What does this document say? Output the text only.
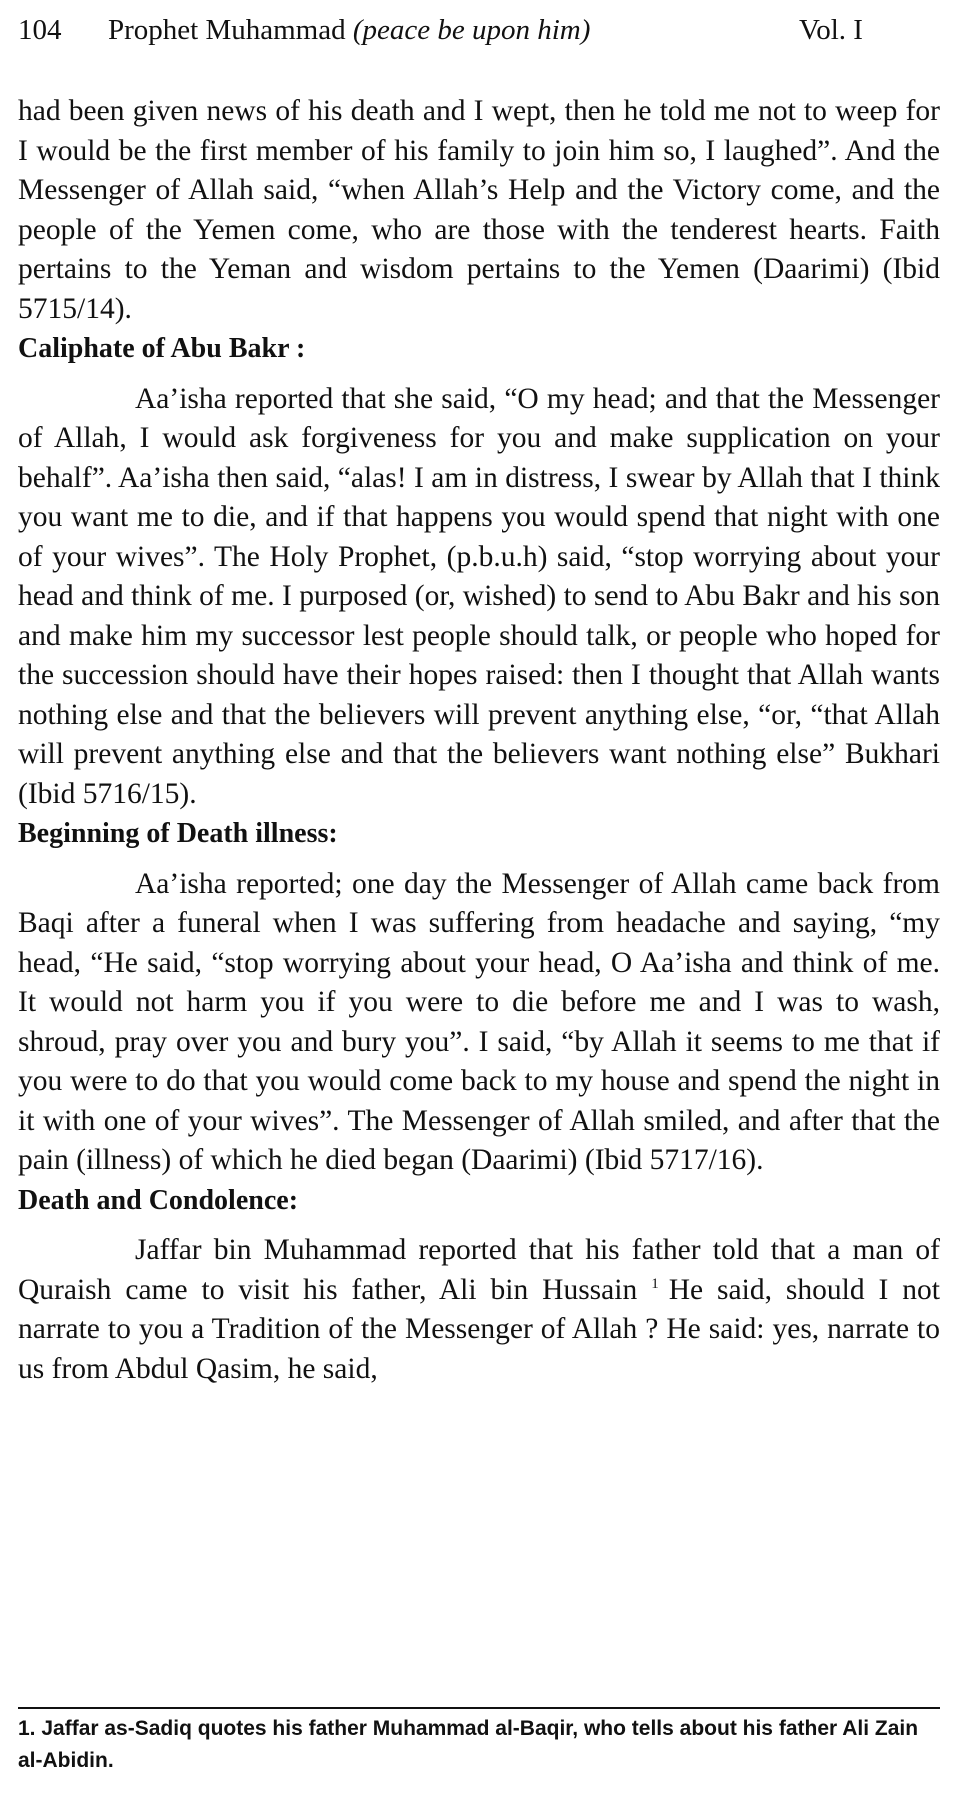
104 Prophet Muhammad (peace be upon him)	Vol. I

had been given news of his death and I wept, then he told me not to weep for I would be the first member of his family to join him so, I laughed”. And the Messenger of Allah said, “when Allah’s Help and the Victory come, and the people of the Yemen come, who are those with the tenderest hearts. Faith pertains to the Yeman and wisdom pertains to the Yemen (Daarimi) (Ibid 5715/14).

Caliphate of Abu Bakr :

Aa’isha reported that she said, “O my head; and that the Messenger of Allah, I would ask forgiveness for you and make supplication on your behalf”. Aa’isha then said, “alas! I am in distress, I swear by Allah that I think you want me to die, and if that happens you would spend that night with one of your wives”. The Holy Prophet, (p.b.u.h) said, “stop worrying about your head and think of me. I purposed (or, wished) to send to Abu Bakr and his son and make him my successor lest people should talk, or people who hoped for the succession should have their hopes raised: then I thought that Allah wants nothing else and that the believers will prevent anything else, “or, “that Allah will prevent anything else and that the believers want nothing else” Bukhari (Ibid 5716/15).

Beginning of Death illness:

Aa’isha reported; one day the Messenger of Allah came back from Baqi after a funeral when I was suffering from headache and saying, “my head, “He said, “stop worrying about your head, O Aa’isha and think of me. It would not harm you if you were to die before me and I was to wash, shroud, pray over you and bury you”. I said, “by Allah it seems to me that if you were to do that you would come back to my house and spend the night in it with one of your wives”. The Messenger of Allah smiled, and after that the pain (illness) of which he died began (Daarimi) (Ibid 5717/16).

Death and Condolence:

Jaffar bin Muhammad reported that his father told that a man of Quraish came to visit his father, Ali bin Hussain $^1$ He said, should I not narrate to you a Tradition of the Messenger of Allah ? He said: yes, narrate to us from Abdul Qasim, he said,

1. Jaffar as-Sadiq quotes his father Muhammad al-Baqir, who tells about his father Ali Zain al-Abidin.
